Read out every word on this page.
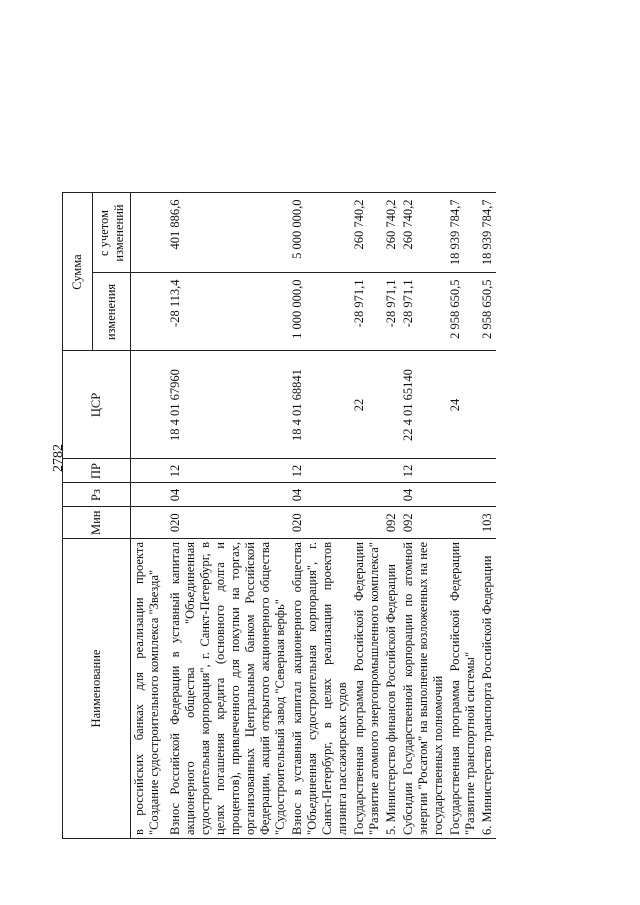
2782
Наименование	Мин	Рз	ПР	ЦСР	Сумма	
					изменения	с учетом изменений
в российских банках для реализации проекта "Создание судостроительного комплекса "Звезда"						
Взнос Российской Федерации в уставный капитал акционерного общества "Объединенная судостроительная корпорация", г. Санкт-Петербург, в целях погашения кредита (основного долга и процентов), привлеченного для покупки на торгах, организованных Центральным банком Российской Федерации, акций открытого акционерного общества "Судостроительный завод "Северная верфь"	020	04	12	18 4 01 67960	-28 113,4	401 886,6
Взнос в уставный капитал акционерного общества "Объединенная судостроительная корпорация", г. Санкт-Петербург, в целях реализации проектов лизинга пассажирских судов	020	04	12	18 4 01 68841	1 000 000,0	5 000 000,0
Государственная программа Российской Федерации "Развитие атомного энергопромышленного комплекса"				22	-28 971,1	260 740,2
5. Министерство финансов Российской Федерации	092				-28 971,1	260 740,2
Субсидии Государственной корпорации по атомной энергии "Росатом" на выполнение возложенных на нее государственных полномочий	092	04	12	22 4 01 65140	-28 971,1	260 740,2
Государственная программа Российской Федерации "Развитие транспортной системы"				24	2 958 650,5	18 939 784,7
6. Министерство транспорта Российской Федерации	103				2 958 650,5	18 939 784,7
